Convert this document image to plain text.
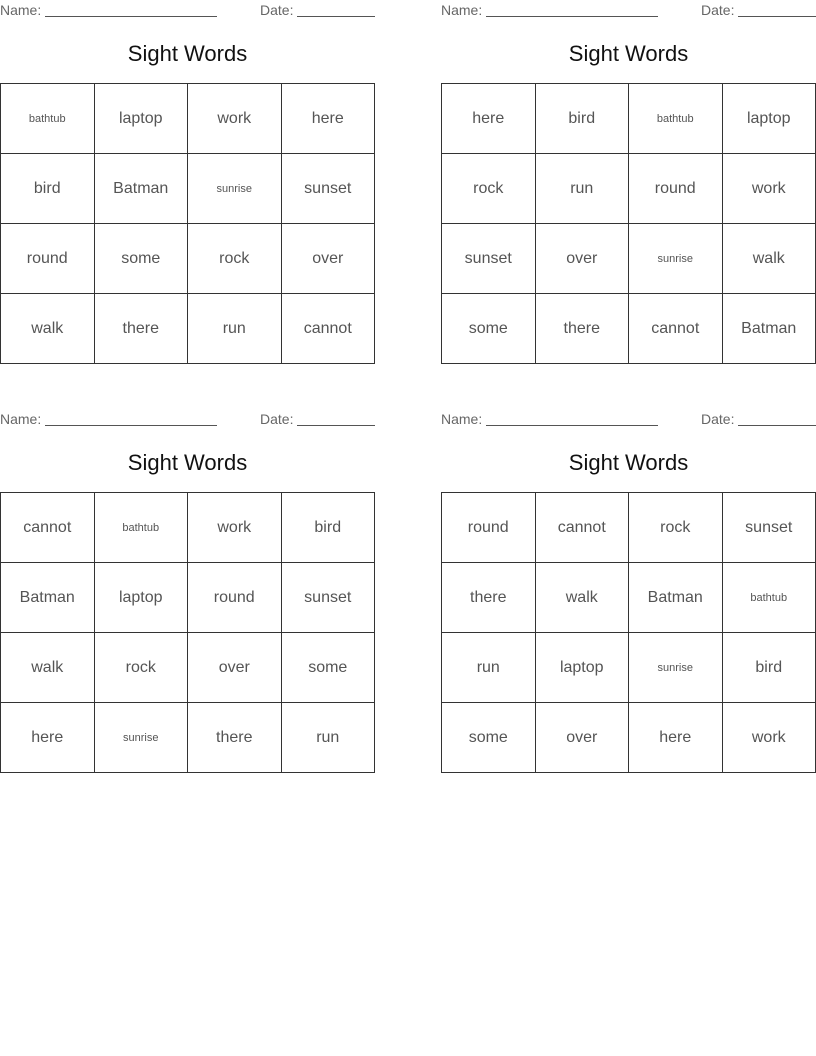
Name:	Date:
Sight Words
bathtub	laptop	work	here
bird	Batman	sunrise	sunset
round	some	rock	over
walk	there	run	cannot
Name:	Date:
Sight Words
here	bird	bathtub	laptop
rock	run	round	work
sunset	over	sunrise	walk
some	there	cannot	Batman
Name:	Date:
Sight Words
cannot	bathtub	work	bird
Batman	laptop	round	sunset
walk	rock	over	some
here	sunrise	there	run
Name:	Date:
Sight Words
round	cannot	rock	sunset
there	walk	Batman	bathtub
run	laptop	sunrise	bird
some	over	here	work
